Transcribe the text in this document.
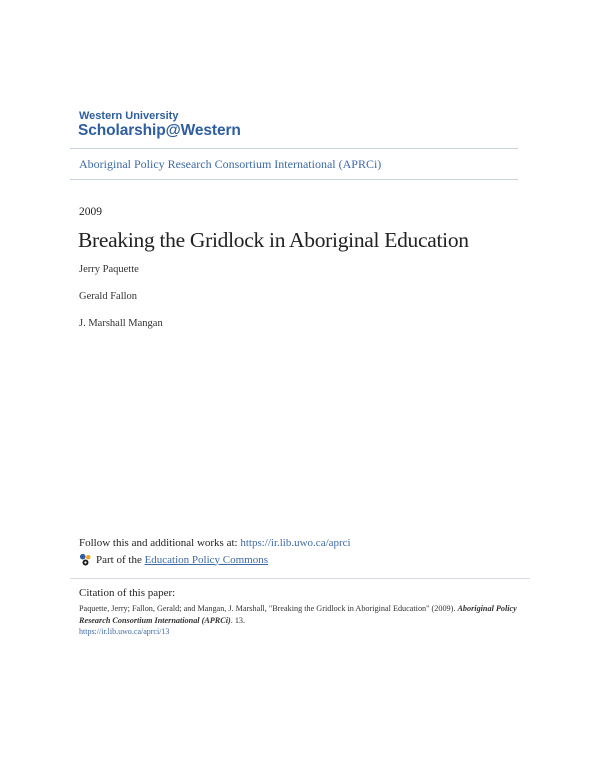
Western University
Scholarship@Western
Aboriginal Policy Research Consortium International (APRCi)
2009
Breaking the Gridlock in Aboriginal Education
Jerry Paquette
Gerald Fallon
J. Marshall Mangan
Follow this and additional works at: https://ir.lib.uwo.ca/aprci
Part of the
Education Policy Commons
Citation of this paper:
Paquette, Jerry; Fallon, Gerald; and Mangan, J. Marshall, "Breaking the Gridlock in Aboriginal Education" (2009). Aboriginal Policy Research Consortium International (APRCi). 13.
https://ir.lib.uwo.ca/aprci/13
